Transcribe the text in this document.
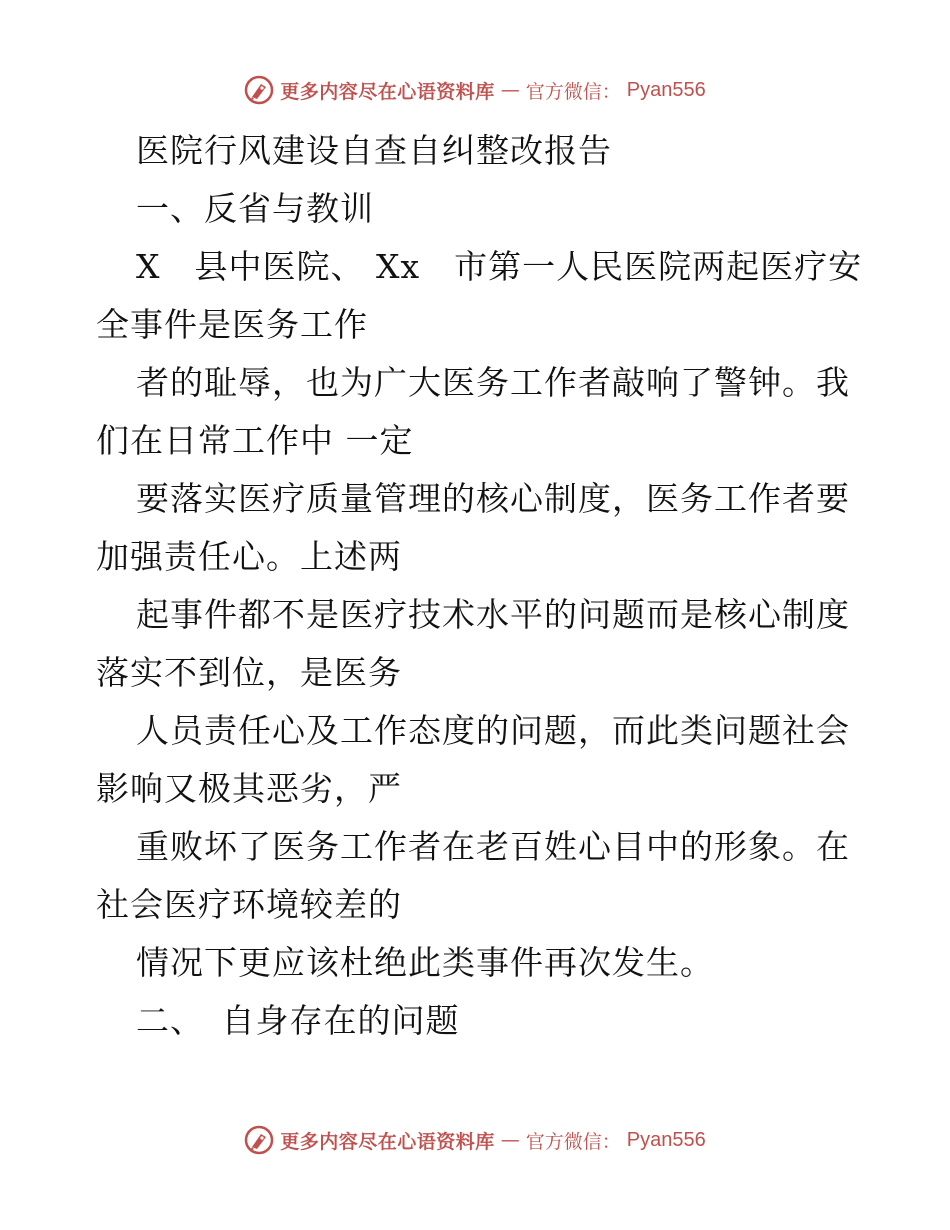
更多内容尽在心语资料库 — 官方微信： Pyan556
医院行风建设自查自纠整改报告
一、反省与教训
X　县中医院、 Xx　市第一人民医院两起医疗安
全事件是医务工作
者的耻辱，也为广大医务工作者敲响了警钟。我
们在日常工作中 一定
要落实医疗质量管理的核心制度，医务工作者要
加强责任心。上述两
起事件都不是医疗技术水平的问题而是核心制度
落实不到位，是医务
人员责任心及工作态度的问题，而此类问题社会
影响又极其恶劣，严
重败坏了医务工作者在老百姓心目中的形象。在
社会医疗环境较差的
情况下更应该杜绝此类事件再次发生。
二、　自身存在的问题
更多内容尽在心语资料库 — 官方微信： Pyan556
